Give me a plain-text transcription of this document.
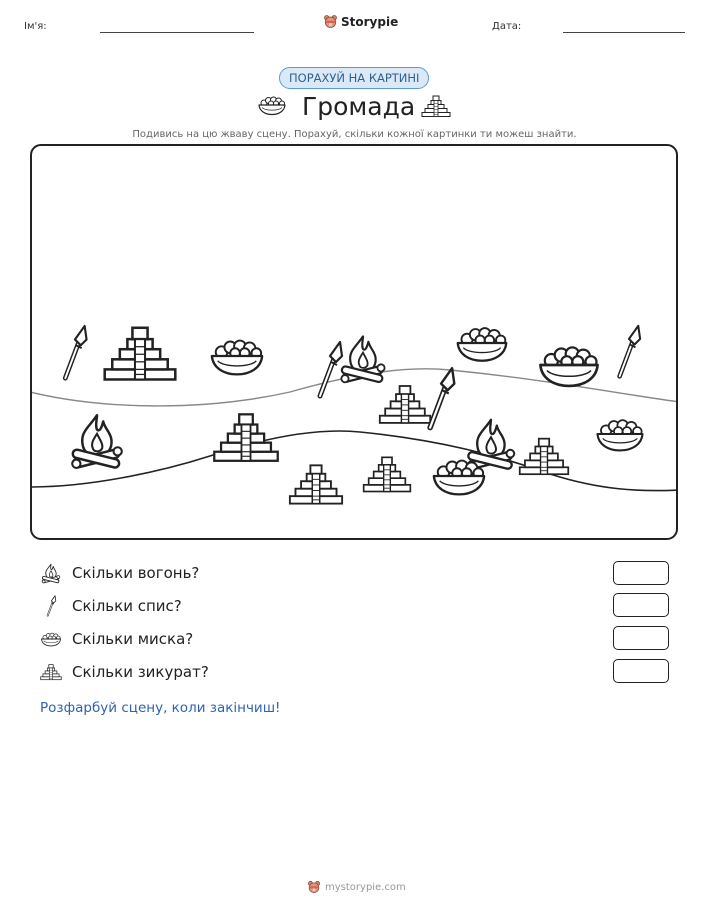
Ім'я:	Storypie	Дата:
ПОРАХУЙ НА КАРТИНІ
Громада
Подивись на цю жваву сцену. Порахуй, скільки кожної картинки ти можеш знайти.
Скільки вогонь?
Скільки спис?
Скільки миска?
Скільки зикурат?
Розфарбуй сцену, коли закінчиш!
mystorypie.com
